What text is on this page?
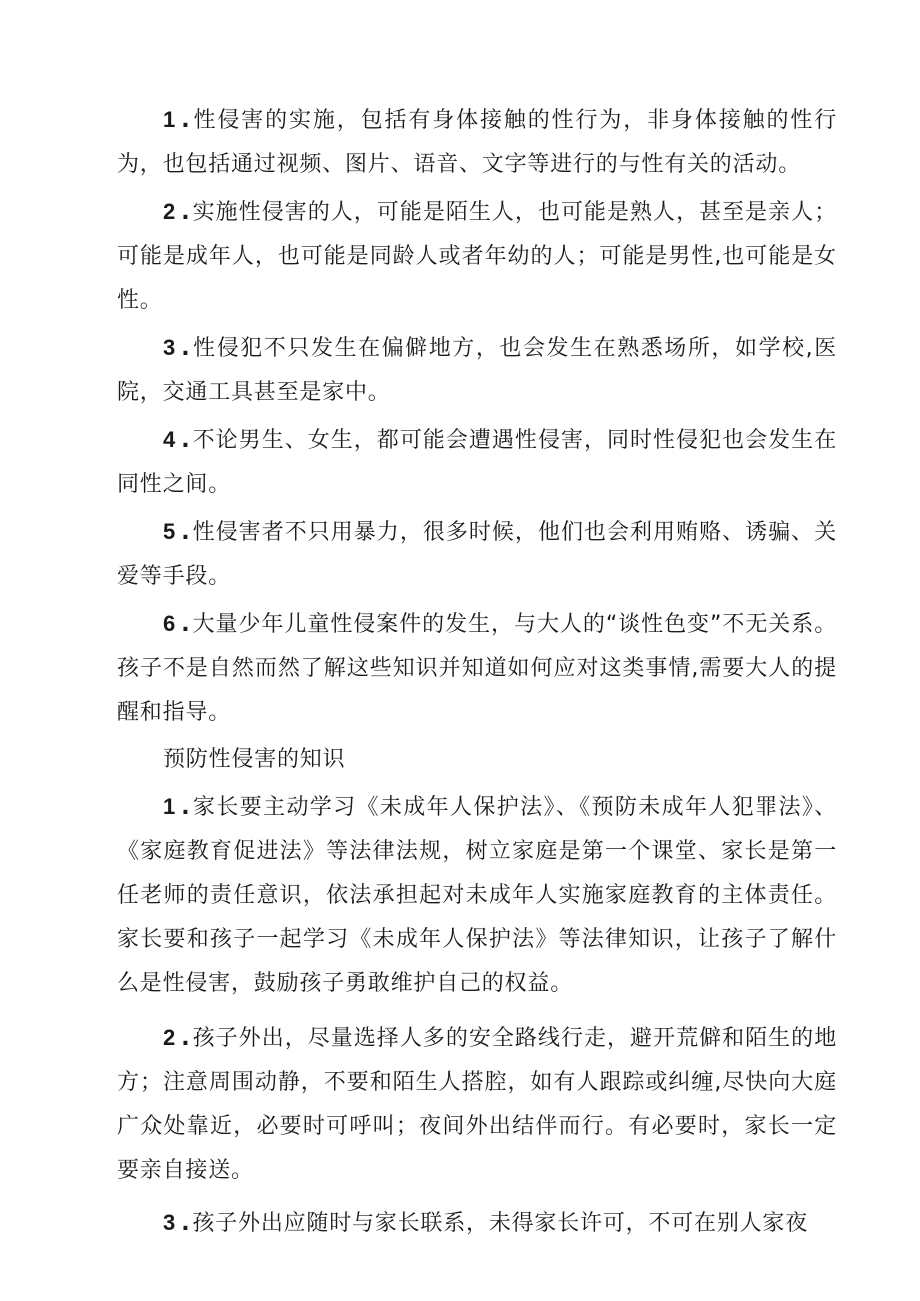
1 .性侵害的实施，包括有身体接触的性行为，非身体接触的性行为，也包括通过视频、图片、语音、文字等进行的与性有关的活动。

2 .实施性侵害的人，可能是陌生人，也可能是熟人，甚至是亲人；可能是成年人，也可能是同龄人或者年幼的人；可能是男性,也可能是女性。

3 .性侵犯不只发生在偏僻地方，也会发生在熟悉场所，如学校,医院，交通工具甚至是家中。

4 .不论男生、女生，都可能会遭遇性侵害，同时性侵犯也会发生在同性之间。

5 .性侵害者不只用暴力，很多时候，他们也会利用贿赂、诱骗、关爱等手段。

6 .大量少年儿童性侵案件的发生，与大人的“谈性色变”不无关系。孩子不是自然而然了解这些知识并知道如何应对这类事情,需要大人的提醒和指导。

预防性侵害的知识

1 .家长要主动学习《未成年人保护法》、《预防未成年人犯罪法》、《家庭教育促进法》等法律法规，树立家庭是第一个课堂、家长是第一任老师的责任意识，依法承担起对未成年人实施家庭教育的主体责任。家长要和孩子一起学习《未成年人保护法》等法律知识，让孩子了解什么是性侵害，鼓励孩子勇敢维护自己的权益。

2 .孩子外出，尽量选择人多的安全路线行走，避开荒僻和陌生的地方；注意周围动静，不要和陌生人搭腔，如有人跟踪或纠缠,尽快向大庭广众处靠近，必要时可呼叫；夜间外出结伴而行。有必要时，家长一定要亲自接送。

3 .孩子外出应随时与家长联系，未得家长许可，不可在别人家夜
